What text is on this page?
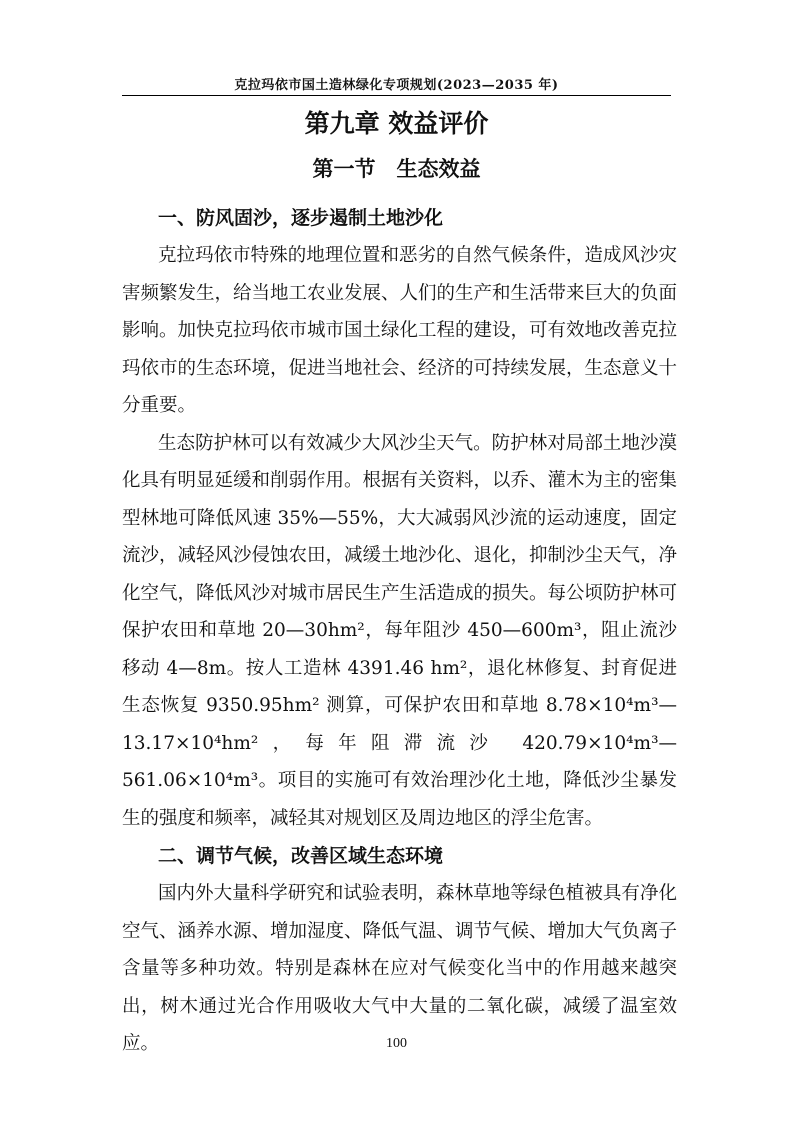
克拉玛依市国土造林绿化专项规划(2023—2035 年)
第九章 效益评价
第一节　生态效益
一、防风固沙，逐步遏制土地沙化

克拉玛依市特殊的地理位置和恶劣的自然气候条件，造成风沙灾害频繁发生，给当地工农业发展、人们的生产和生活带来巨大的负面影响。加快克拉玛依市城市国土绿化工程的建设，可有效地改善克拉玛依市的生态环境，促进当地社会、经济的可持续发展，生态意义十分重要。

生态防护林可以有效减少大风沙尘天气。防护林对局部土地沙漠化具有明显延缓和削弱作用。根据有关资料，以乔、灌木为主的密集型林地可降低风速 35%—55%，大大减弱风沙流的运动速度，固定流沙，减轻风沙侵蚀农田，减缓土地沙化、退化，抑制沙尘天气，净化空气，降低风沙对城市居民生产生活造成的损失。每公顷防护林可保护农田和草地 20—30hm²，每年阻沙 450—600m³，阻止流沙移动 4—8m。按人工造林 4391.46 hm²，退化林修复、封育促进生态恢复 9350.95hm² 测算，可保护农田和草地 8.78×10⁴m³—13.17×10⁴hm²，每年阻滞流沙 420.79×10⁴m³—561.06×10⁴m³。项目的实施可有效治理沙化土地，降低沙尘暴发生的强度和频率，减轻其对规划区及周边地区的浮尘危害。

二、调节气候，改善区域生态环境

国内外大量科学研究和试验表明，森林草地等绿色植被具有净化空气、涵养水源、增加湿度、降低气温、调节气候、增加大气负离子含量等多种功效。特别是森林在应对气候变化当中的作用越来越突出，树木通过光合作用吸收大气中大量的二氧化碳，减缓了温室效应。	100
